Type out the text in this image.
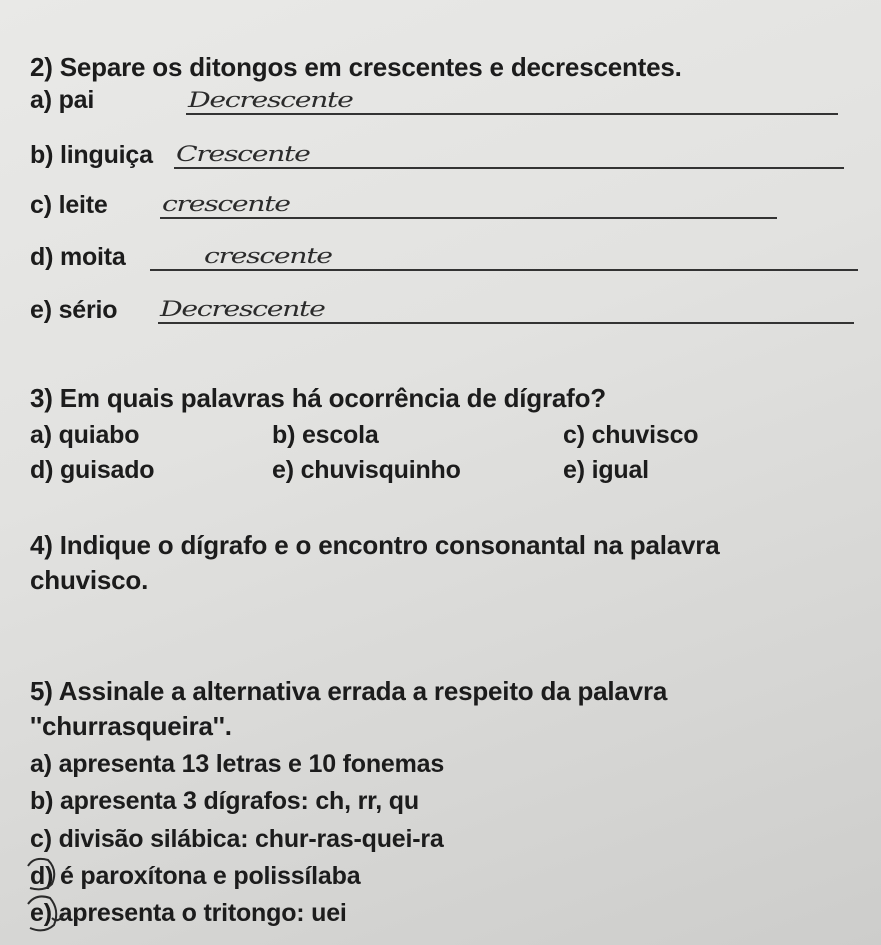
2) Separe os ditongos em crescentes e decrescentes.
a) pai	Decrescente
b) linguiça Crescente
c) leite	crescente
d) moita	crescente
e) sério Decrescente
3) Em quais palavras há ocorrência de dígrafo?
a) quiabo	b) escola	c) chuvisco
d) guisado	e) chuvisquinho	e) igual
4) Indique o dígrafo e o encontro consonantal na palavra
chuvisco.
5) Assinale a alternativa errada a respeito da palavra
''churrasqueira''.
a) apresenta 13 letras e 10 fonemas
b) apresenta 3 dígrafos: ch, rr, qu
c) divisão silábica: chur-ras-quei-ra
d) é paroxítona e polissílaba
e) apresenta o tritongo: uei
